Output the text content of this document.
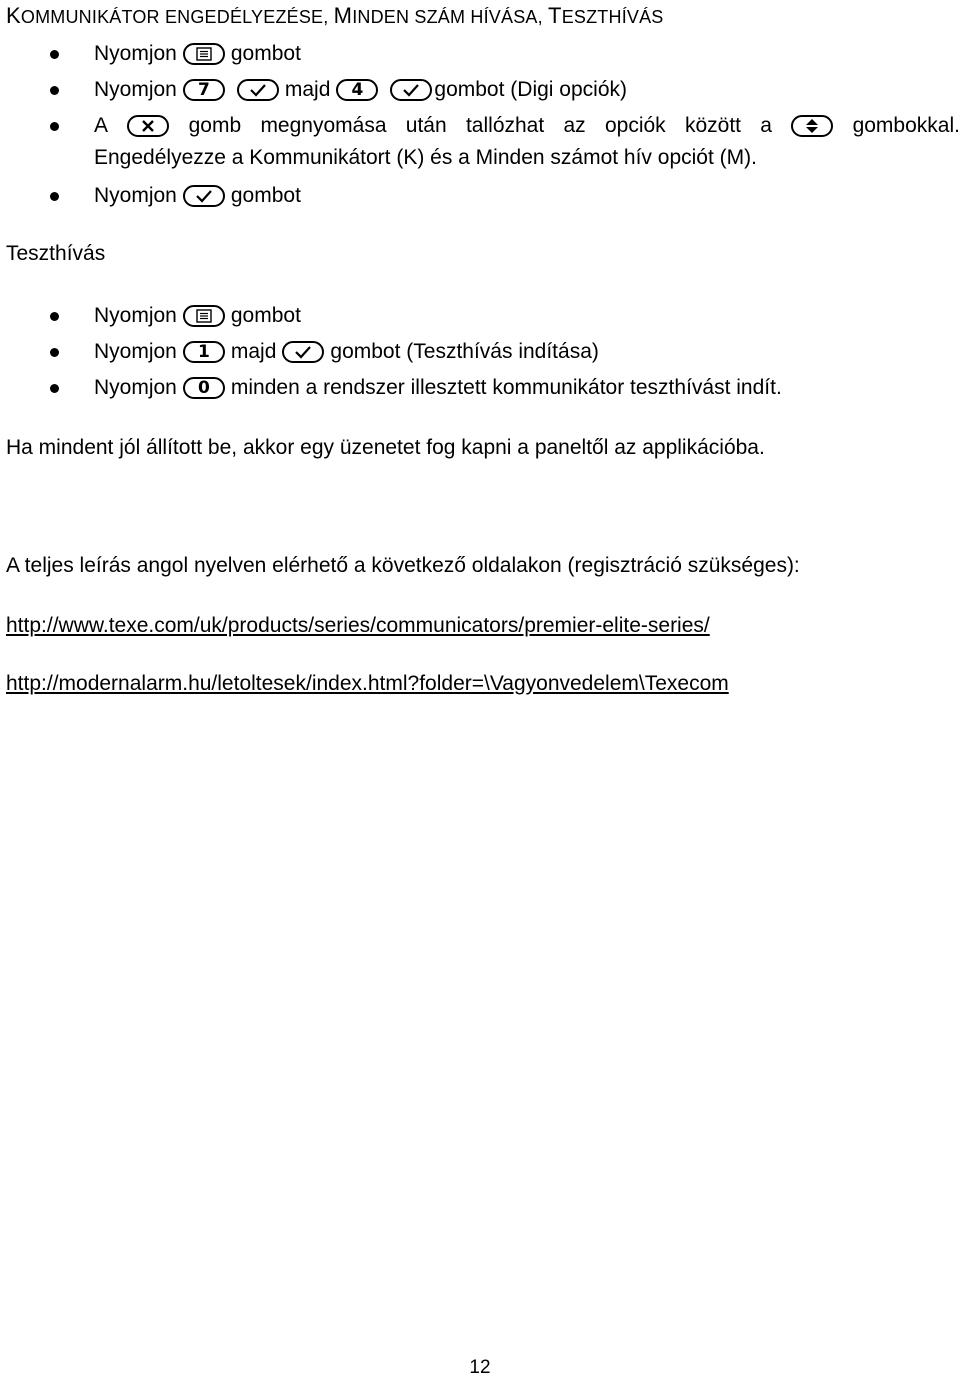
KOMMUNIKÁTOR ENGEDÉLYEZÉSE, MINDEN SZÁM HÍVÁSA, TESZTHÍVÁS
Nyomjon	gombot
Nyomjon	7	majd	4	gombot (Digi opciók)
A	gomb megnyomása után tallózhat az opciók között a	gombokkal.
Engedélyezze a Kommunikátort (K) és a Minden számot hív opciót (M).
Nyomjon	gombot
Teszthívás
Nyomjon	gombot
Nyomjon	1	majd	gombot (Teszthívás indítása)
Nyomjon	0	minden a rendszer illesztett kommunikátor teszthívást indít.
Ha mindent jól állított be, akkor egy üzenetet fog kapni a paneltől az applikációba.
A teljes leírás angol nyelven elérhető a következő oldalakon (regisztráció szükséges):
http://www.texe.com/uk/products/series/communicators/premier-elite-series/
http://modernalarm.hu/letoltesek/index.html?folder=\Vagyonvedelem\Texecom
12
